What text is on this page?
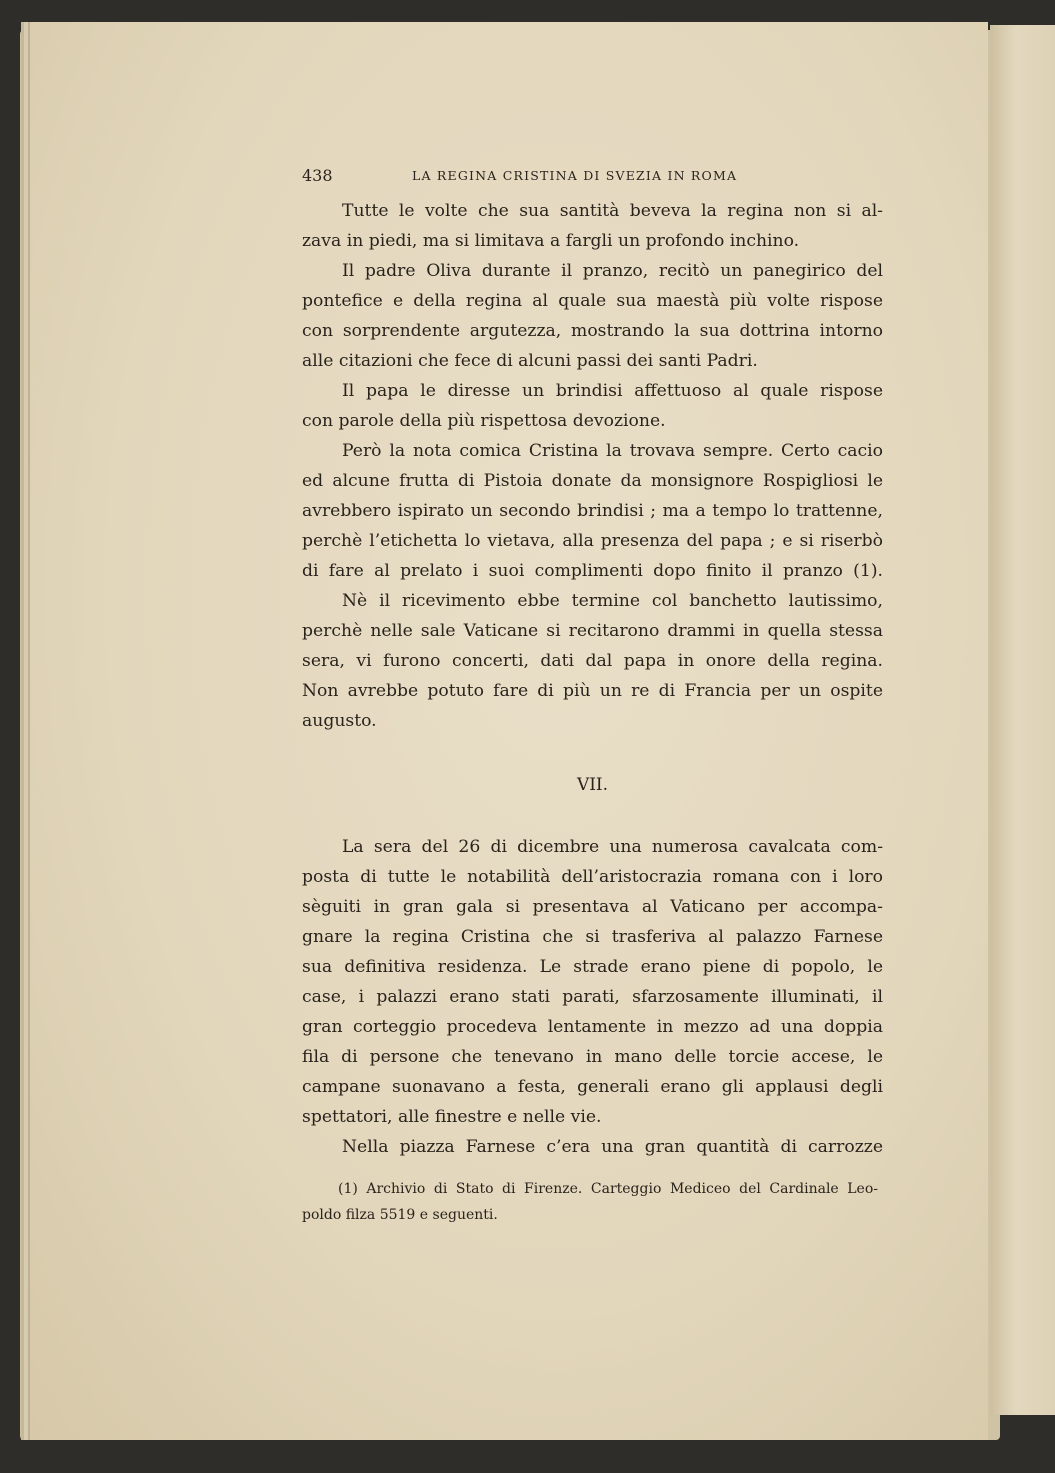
438	LA REGINA CRISTINA DI SVEZIA IN ROMA
Tutte le volte che sua santità beveva la regina non si al-
zava in piedi, ma si limitava a fargli un profondo inchino.
Il padre Oliva durante il pranzo, recitò un panegirico del
pontefice e della regina al quale sua maestà più volte rispose
con sorprendente argutezza, mostrando la sua dottrina intorno
alle citazioni che fece di alcuni passi dei santi Padri.
Il papa le diresse un brindisi affettuoso al quale rispose
con parole della più rispettosa devozione.
Però la nota comica Cristina la trovava sempre. Certo cacio
ed alcune frutta di Pistoia donate da monsignore Rospigliosi le
avrebbero ispirato un secondo brindisi ; ma a tempo lo trattenne,
perchè l’etichetta lo vietava, alla presenza del papa ; e si riserbò
di fare al prelato i suoi complimenti dopo finito il pranzo (1).
Nè il ricevimento ebbe termine col banchetto lautissimo,
perchè nelle sale Vaticane si recitarono drammi in quella stessa
sera, vi furono concerti, dati dal papa in onore della regina.
Non avrebbe potuto fare di più un re di Francia per un ospite
augusto.
VII.
La sera del 26 di dicembre una numerosa cavalcata com-
posta di tutte le notabilità dell’aristocrazia romana con i loro
sèguiti in gran gala si presentava al Vaticano per accompa-
gnare la regina Cristina che si trasferiva al palazzo Farnese
sua definitiva residenza. Le strade erano piene di popolo, le
case, i palazzi erano stati parati, sfarzosamente illuminati, il
gran corteggio procedeva lentamente in mezzo ad una doppia
fila di persone che tenevano in mano delle torcie accese, le
campane suonavano a festa, generali erano gli applausi degli
spettatori, alle finestre e nelle vie.
Nella piazza Farnese c’era una gran quantità di carrozze
(1) Archivio di Stato di Firenze. Carteggio Mediceo del Cardinale Leo-
poldo filza 5519 e seguenti.
